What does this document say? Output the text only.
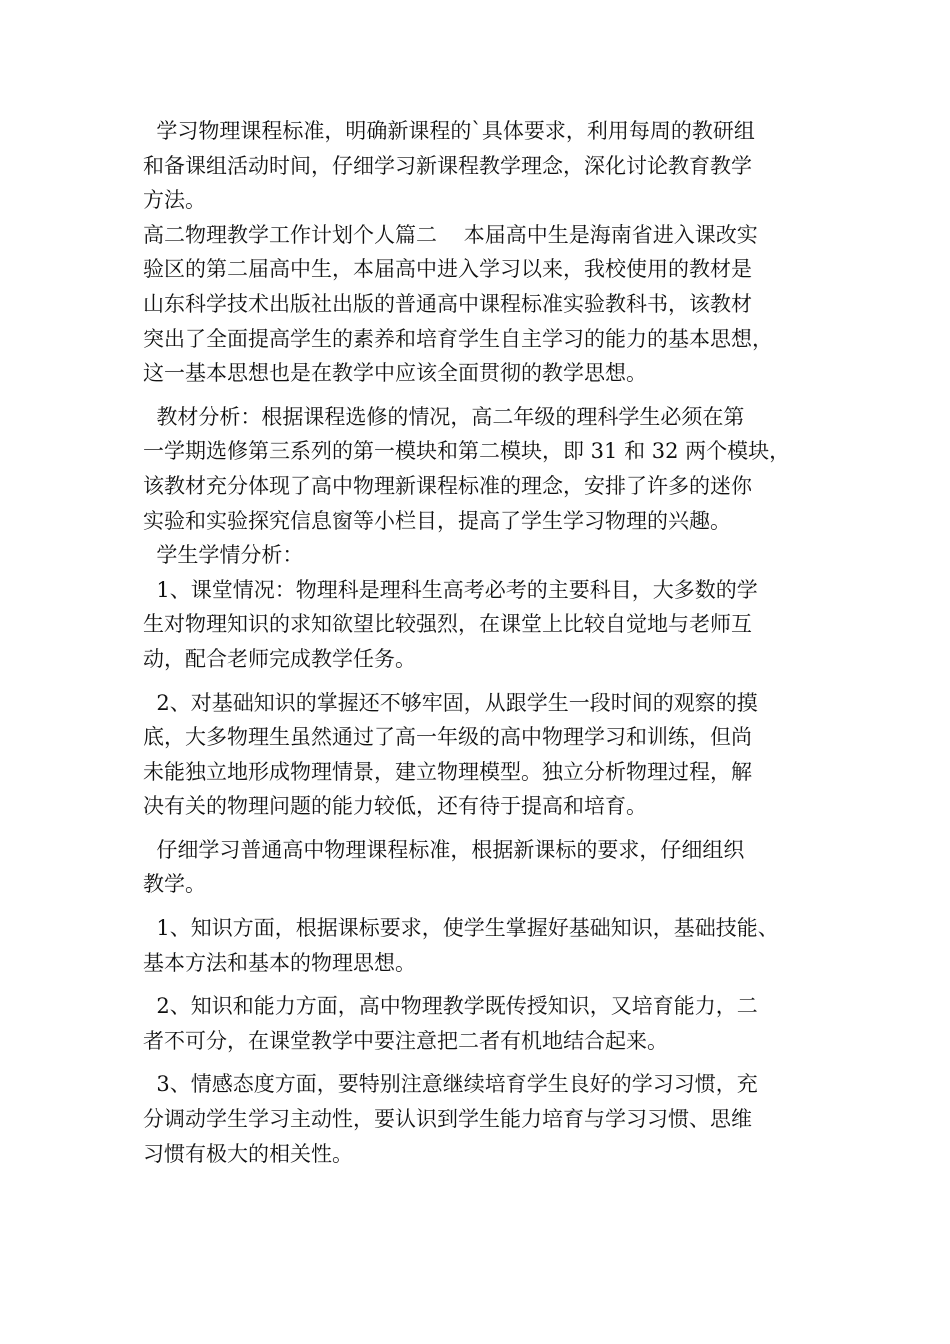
学习物理课程标准，明确新课程的`具体要求，利用每周的教研组
和备课组活动时间，仔细学习新课程教学理念，深化讨论教育教学
方法。

高二物理教学工作计划个人篇二    本届高中生是海南省进入课改实
验区的第二届高中生，本届高中进入学习以来，我校使用的教材是
山东科学技术出版社出版的普通高中课程标准实验教科书，该教材
突出了全面提高学生的素养和培育学生自主学习的能力的基本思想，
这一基本思想也是在教学中应该全面贯彻的教学思想。

教材分析：根据课程选修的情况，高二年级的理科学生必须在第
一学期选修第三系列的第一模块和第二模块，即 31 和 32 两个模块，
该教材充分体现了高中物理新课程标准的理念，安排了许多的迷你
实验和实验探究信息窗等小栏目，提高了学生学习物理的兴趣。

学生学情分析：

1、课堂情况：物理科是理科生高考必考的主要科目，大多数的学
生对物理知识的求知欲望比较强烈，在课堂上比较自觉地与老师互
动，配合老师完成教学任务。

2、对基础知识的掌握还不够牢固，从跟学生一段时间的观察的摸
底，大多物理生虽然通过了高一年级的高中物理学习和训练，但尚
未能独立地形成物理情景，建立物理模型。独立分析物理过程，解
决有关的物理问题的能力较低，还有待于提高和培育。

仔细学习普通高中物理课程标准，根据新课标的要求，仔细组织
教学。

1、知识方面，根据课标要求，使学生掌握好基础知识，基础技能、
基本方法和基本的物理思想。

2、知识和能力方面，高中物理教学既传授知识，又培育能力，二
者不可分，在课堂教学中要注意把二者有机地结合起来。

3、情感态度方面，要特别注意继续培育学生良好的学习习惯，充
分调动学生学习主动性，要认识到学生能力培育与学习习惯、思维
习惯有极大的相关性。
